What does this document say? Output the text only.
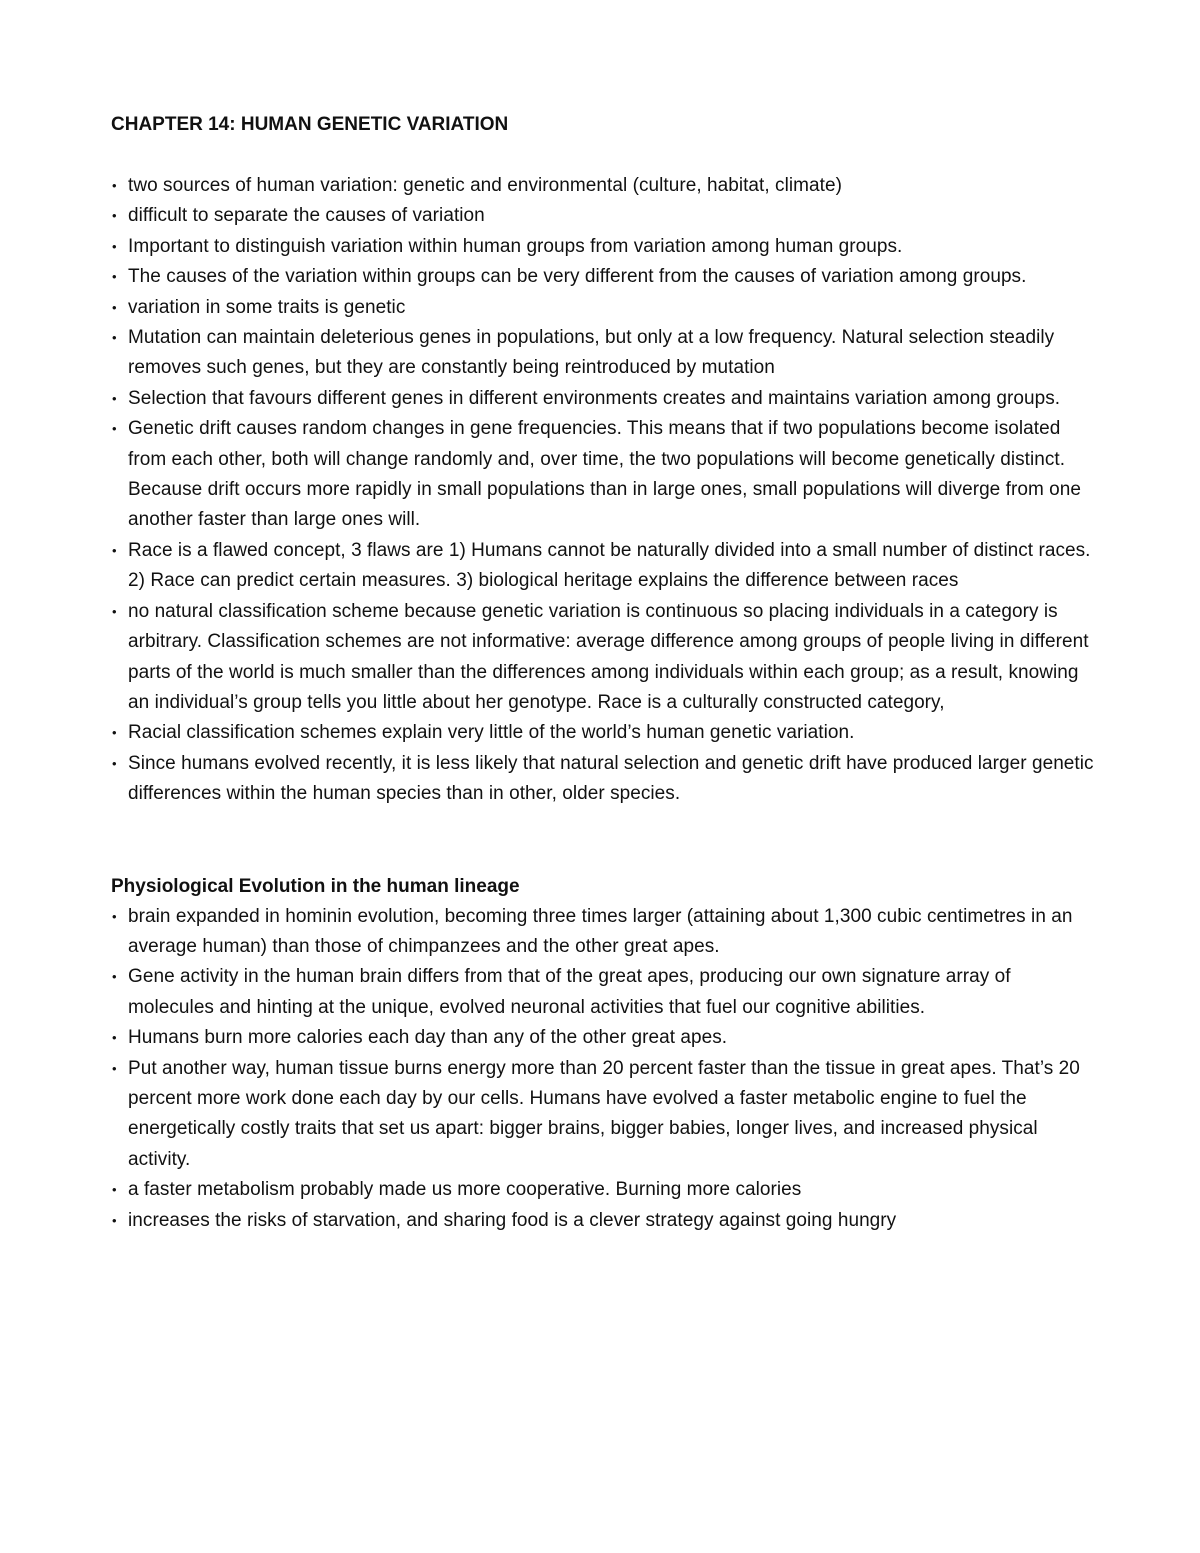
CHAPTER 14: HUMAN GENETIC VARIATION
• two sources of human variation: genetic and environmental (culture, habitat, climate)
• difficult to separate the causes of variation
• Important to distinguish variation within human groups from variation among human groups.
• The causes of the variation within groups can be very different from the causes of variation among groups.
• variation in some traits is genetic
• Mutation can maintain deleterious genes in populations, but only at a low frequency. Natural selection steadily removes such genes, but they are constantly being reintroduced by mutation
• Selection that favours different genes in different environments creates and maintains variation among groups.
• Genetic drift causes random changes in gene frequencies. This means that if two populations become isolated from each other, both will change randomly and, over time, the two populations will become genetically distinct. Because drift occurs more rapidly in small populations than in large ones, small populations will diverge from one another faster than large ones will.
• Race is a flawed concept, 3 flaws are 1) Humans cannot be naturally divided into a small number of distinct races. 2) Race can predict certain measures. 3) biological heritage explains the difference between races
• no natural classification scheme because genetic variation is continuous so placing individuals in a category is arbitrary. Classification schemes are not informative: average difference among groups of people living in different parts of the world is much smaller than the differences among individuals within each group; as a result, knowing an individual’s group tells you little about her genotype. Race is a culturally constructed category,
• Racial classification schemes explain very little of the world’s human genetic variation.
• Since humans evolved recently, it is less likely that natural selection and genetic drift have produced larger genetic differences within the human species than in other, older species.
Physiological Evolution in the human lineage
• brain expanded in hominin evolution, becoming three times larger (attaining about 1,300 cubic centimetres in an average human) than those of chimpanzees and the other great apes.
• Gene activity in the human brain differs from that of the great apes, producing our own signature array of molecules and hinting at the unique, evolved neuronal activities that fuel our cognitive abilities.
• Humans burn more calories each day than any of the other great apes.
• Put another way, human tissue burns energy more than 20 percent faster than the tissue in great apes. That’s 20 percent more work done each day by our cells. Humans have evolved a faster metabolic engine to fuel the energetically costly traits that set us apart: bigger brains, bigger babies, longer lives, and increased physical activity.
• a faster metabolism probably made us more cooperative. Burning more calories
• increases the risks of starvation, and sharing food is a clever strategy against going hungry
